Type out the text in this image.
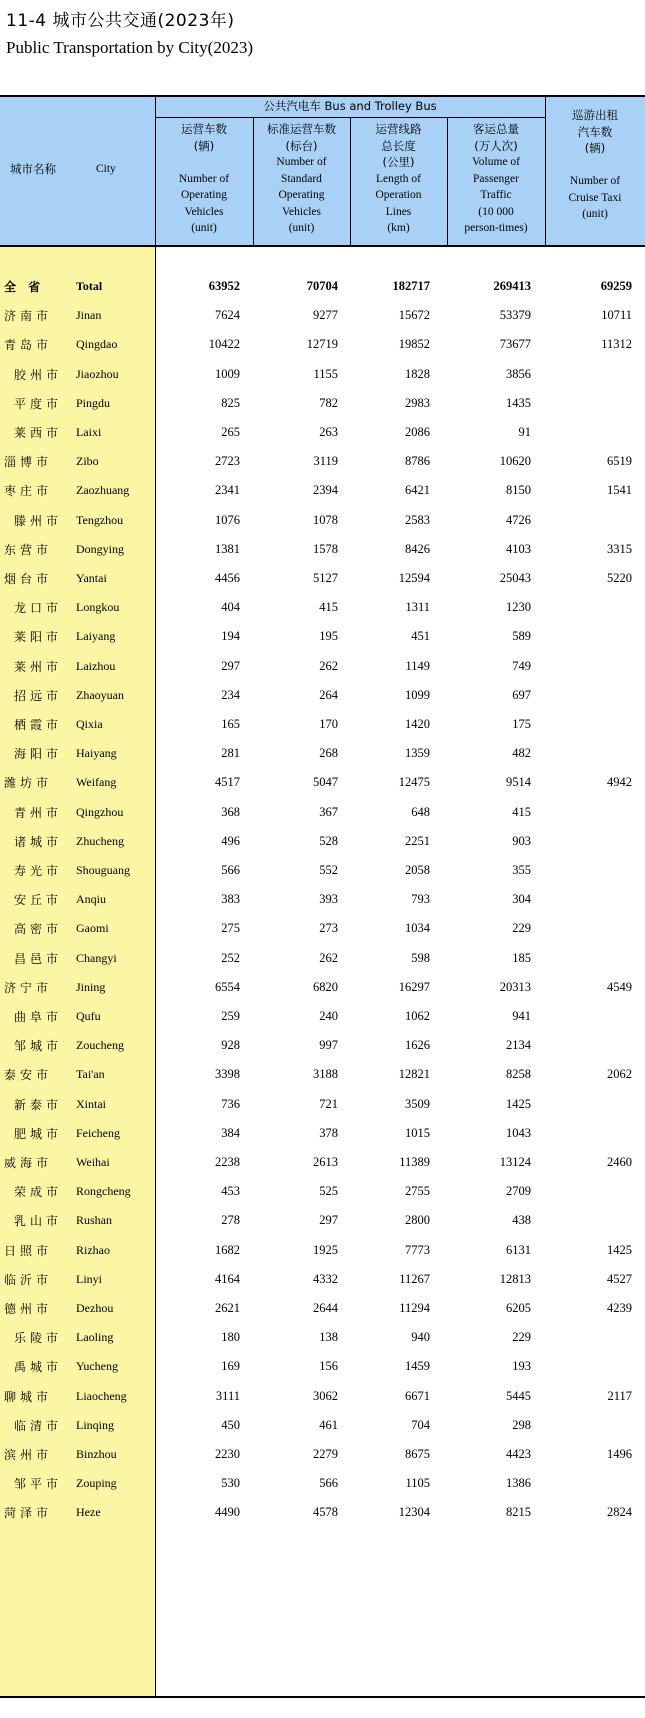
11-4 城市公共交通(2023年)
Public Transportation by City(2023)
城市名称	City
公共汽电车 Bus and Trolley Bus
运营车数
(辆)

Number of
Operating
Vehicles
(unit)
标准运营车数
(标台)
Number of
Standard
Operating
Vehicles
(unit)
运营线路
总长度
(公里)
Length of
Operation
Lines
(km)
客运总量
(万人次)
Volume of
Passenger
Traffic
(10 000
person-times)
巡游出租
汽车数
(辆)

Number of
Cruise Taxi
(unit)
全 省	Total	63952	70704	182717	269413	69259
济南市 Jinan	7624	9277	15672	53379	10711
青岛市 Qingdao	10422	12719	19852	73677	11312
胶州市 Jiaozhou	1009	1155	1828	3856
平度市 Pingdu	825	782	2983	1435
莱西市 Laixi	265	263	2086	91
淄博市 Zibo	2723	3119	8786	10620	6519
枣庄市 Zaozhuang	2341	2394	6421	8150	1541
滕州市 Tengzhou	1076	1078	2583	4726
东营市 Dongying	1381	1578	8426	4103	3315
烟台市 Yantai	4456	5127	12594	25043	5220
龙口市 Longkou	404	415	1311	1230
莱阳市 Laiyang	194	195	451	589
莱州市 Laizhou	297	262	1149	749
招远市 Zhaoyuan	234	264	1099	697
栖霞市 Qixia	165	170	1420	175
海阳市 Haiyang	281	268	1359	482
潍坊市 Weifang	4517	5047	12475	9514	4942
青州市 Qingzhou	368	367	648	415
诸城市 Zhucheng	496	528	2251	903
寿光市 Shouguang	566	552	2058	355
安丘市 Anqiu	383	393	793	304
高密市 Gaomi	275	273	1034	229
昌邑市 Changyi	252	262	598	185
济宁市 Jining	6554	6820	16297	20313	4549
曲阜市 Qufu	259	240	1062	941
邹城市 Zoucheng	928	997	1626	2134
泰安市 Tai'an	3398	3188	12821	8258	2062
新泰市 Xintai	736	721	3509	1425
肥城市 Feicheng	384	378	1015	1043
威海市 Weihai	2238	2613	11389	13124	2460
荣成市 Rongcheng	453	525	2755	2709
乳山市 Rushan	278	297	2800	438
日照市 Rizhao	1682	1925	7773	6131	1425
临沂市 Linyi	4164	4332	11267	12813	4527
德州市 Dezhou	2621	2644	11294	6205	4239
乐陵市 Laoling	180	138	940	229
禹城市 Yucheng	169	156	1459	193
聊城市 Liaocheng	3111	3062	6671	5445	2117
临清市 Linqing	450	461	704	298
滨州市 Binzhou	2230	2279	8675	4423	1496
邹平市 Zouping	530	566	1105	1386
菏泽市 Heze	4490	4578	12304	8215	2824
